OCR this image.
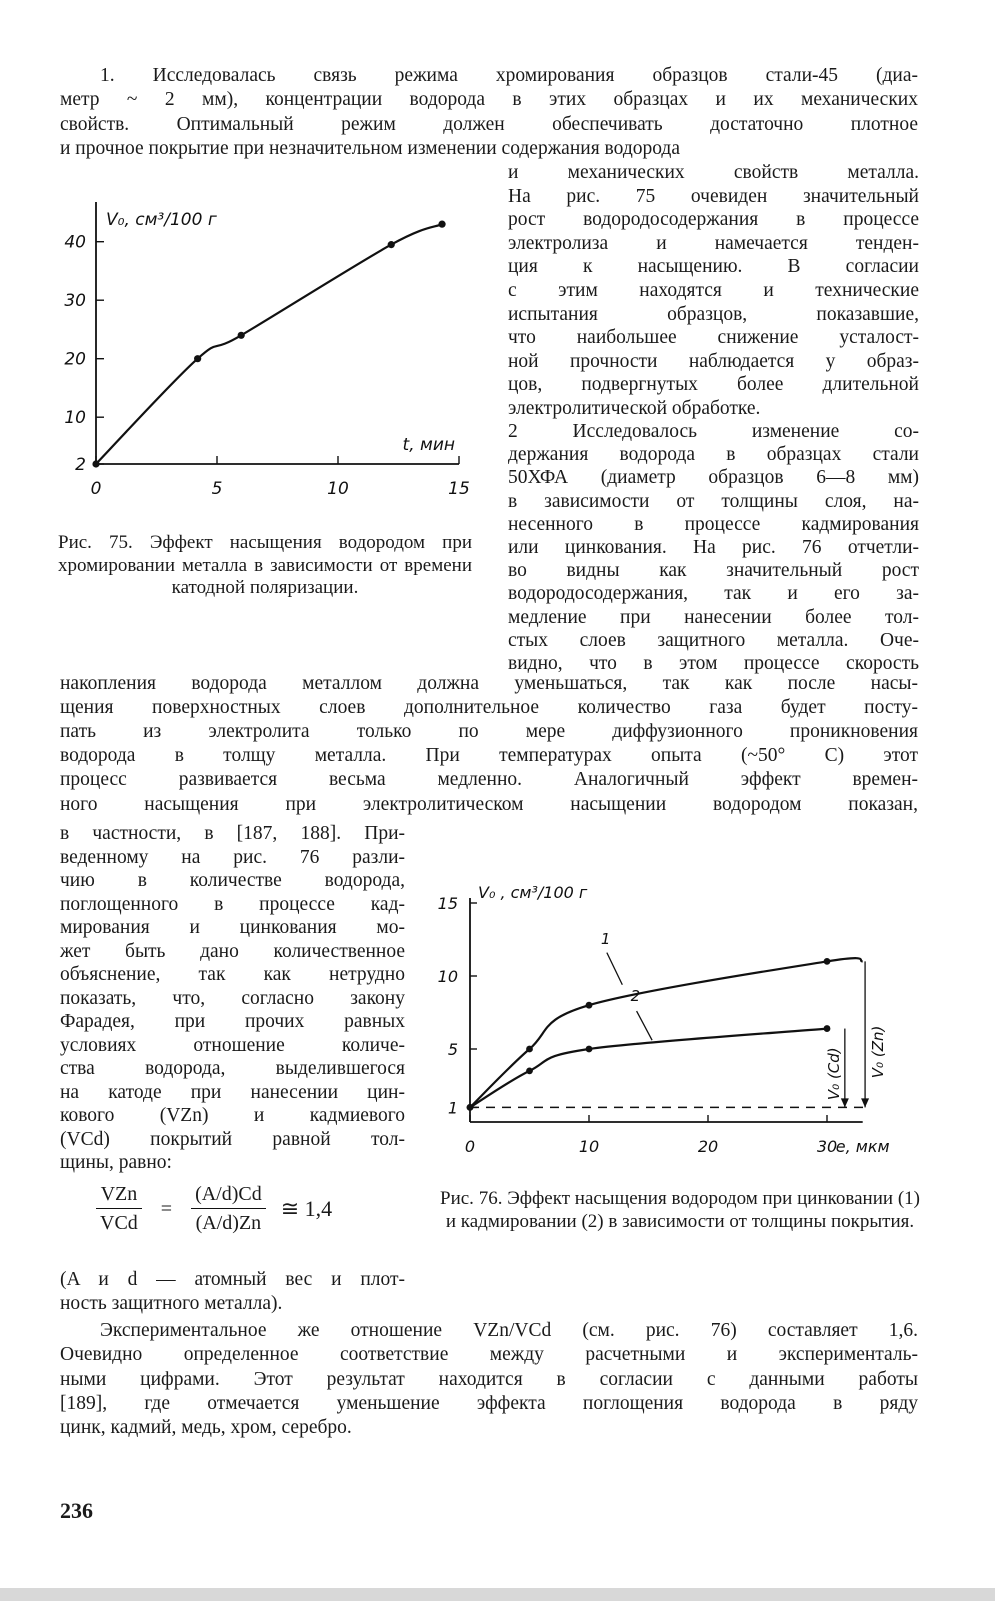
1. Исследовалась связь режима хромирования образцов стали-45 (диа-

метр ~ 2 мм), концентрации водорода в этих образцах и их механических

свойств. Оптимальный режим должен обеспечивать достаточно плотное

и прочное покрытие при незначительном изменении содержания водорода

и механических свойств металла.

На рис. 75 очевиден значительный

рост водородосодержания в процессе

электролиза и намечается тенден-

ция к насыщению. В согласии

с этим находятся и технические

испытания образцов, показавшие,

что наибольшее снижение усталост-

ной прочности наблюдается у образ-

цов, подвергнутых более длительной

электролитической обработке.

2 Исследовалось изменение со-

держания водорода в образцах стали

50ХФА (диаметр образцов 6—8 мм)

в зависимости от толщины слоя, на-

несенного в процессе кадмирования

или цинкования. На рис. 76 отчетли-

во видны как значительный рост

водородосодержания, так и его за-

медление при нанесении более тол-

стых слоев защитного металла. Оче-

видно, что в этом процессе скорость

накопления водорода металлом должна уменьшаться, так как после насы-

щения поверхностных слоев дополнительное количество газа будет посту-

пать из электролита только по мере диффузионного проникновения

водорода в толщу металла. При температурах опыта (~50° C) этот

процесс развивается весьма медленно. Аналогичный эффект времен-

ного насыщения при электролитическом насыщении водородом показан,

в частности, в [187, 188]. При-

веденному на рис. 76 разли-

чию в количестве водорода,

поглощенного в процессе кад-

мирования и цинкования мо-

жет быть дано количественное

объяснение, так как нетрудно

показать, что, согласно закону

Фарадея, при прочих равных

условиях отношение количе-

ства водорода, выделившегося

на катоде при нанесении цин-

кового (VZn) и кадмиевого

(VCd) покрытий равной тол-

щины, равно:

(A и d — атомный вес и плот-

ность защитного металла).

Экспериментальное же отношение VZn/VCd (см. рис. 76) составляет 1,6.

Очевидно определенное соответствие между расчетными и эксперименталь-

ными цифрами. Этот результат находится в согласии с данными работы

[189], где отмечается уменьшение эффекта поглощения водорода в ряду

цинк, кадмий, медь, хром, серебро.

2
10
20
30
40
0	5	10	15
V₀, см³/100 г
t, мин

Рис. 75. Эффект насыщения водородом при хромировании металла в зависимости от времени катодной поляризации.

1
5
10
15
0	10	20	30
V₀ , см³/100 г
e, мкм
1
2
V₀ (Cd) V₀ (Zn)

Рис. 76. Эффект насыщения водородом при цинковании (1) и кадмировании (2) в зависимости от толщины покрытия.

VZn
VCd
= $\frac{(A/d)Cd}{(A/d)Zn}$ ≅ 1,4
236
